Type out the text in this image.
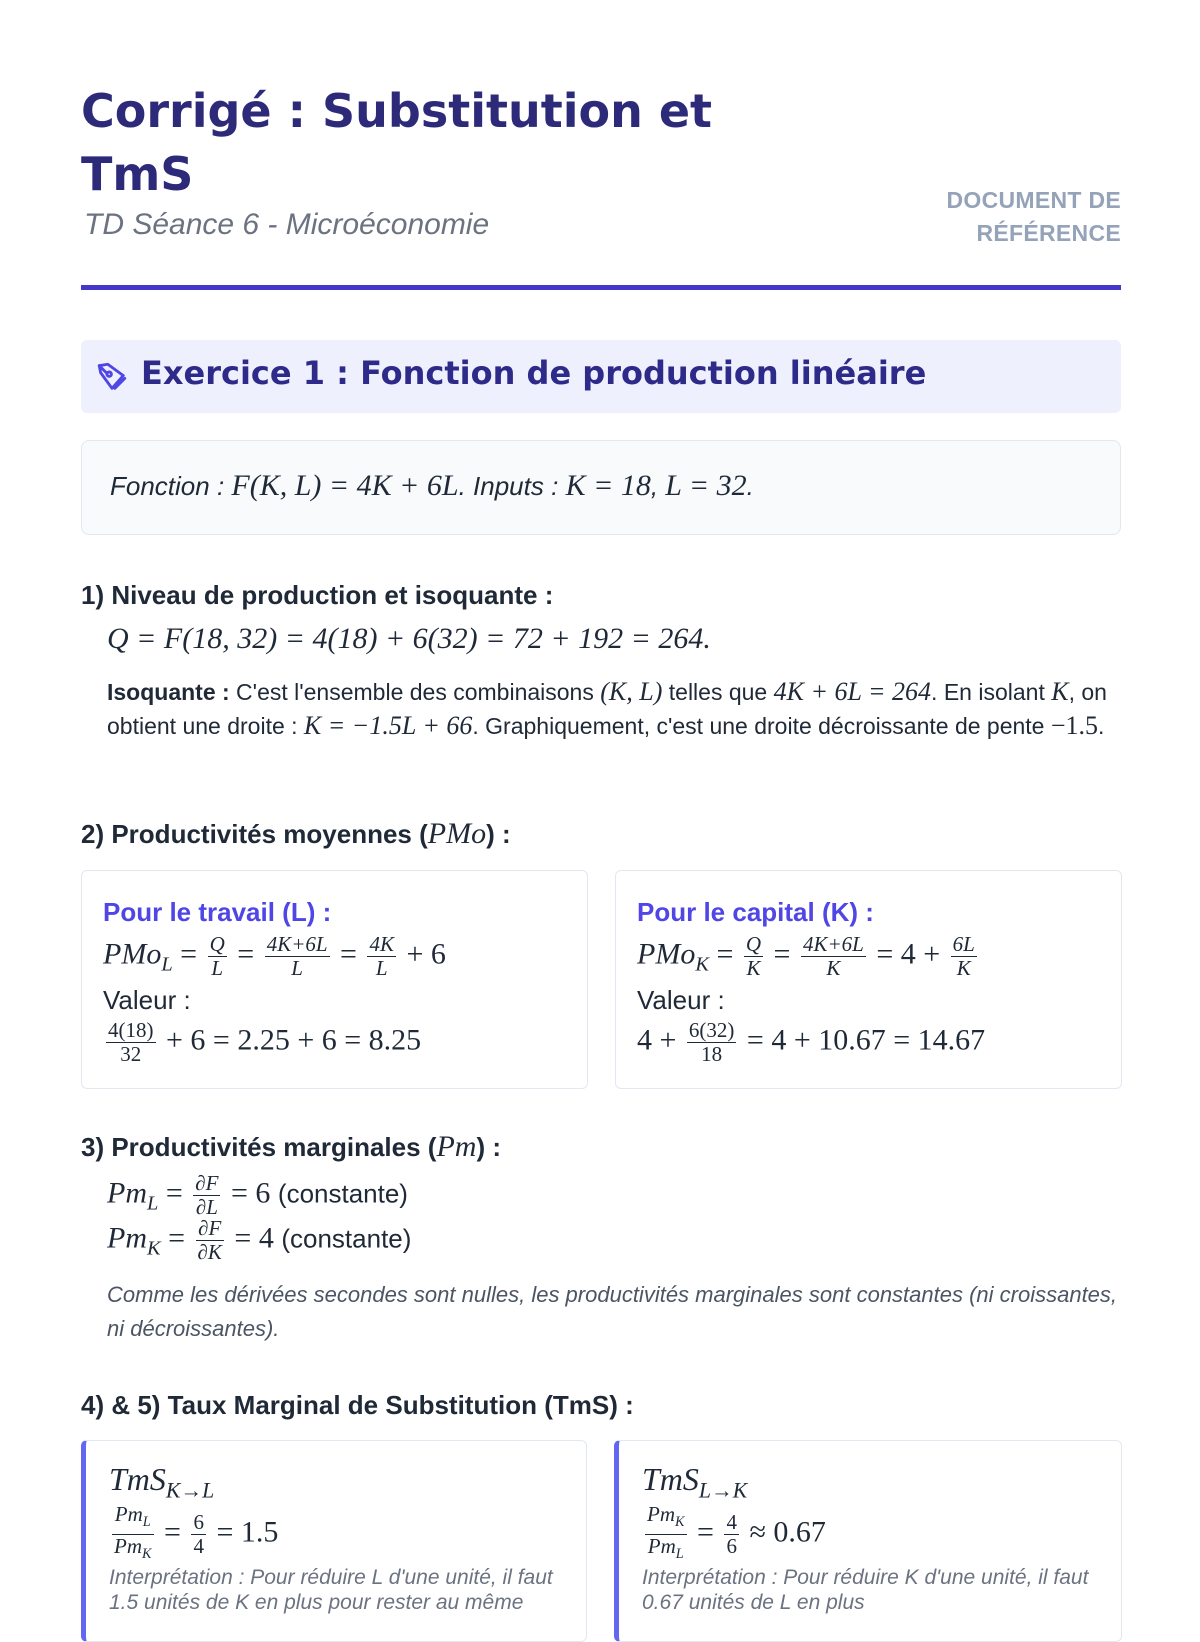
Corrigé : Substitution et TmS

TD Séance 6 - Microéconomie

DOCUMENT DE
RÉFÉRENCE
Exercice 1 : Fonction de production linéaire
Fonction : F(K, L) = 4K + 6L. Inputs : K = 18, L = 32.
1) Niveau de production et isoquante :
Q = F(18, 32) = 4(18) + 6(32) = 72 + 192 = 264.
Isoquante : C'est l'ensemble des combinaisons (K, L) telles que 4K + 6L = 264. En isolant K, on obtient une droite : K = −1.5L + 66. Graphiquement, c'est une droite décroissante de pente −1.5.
2) Productivités moyennes (PMo) :
Pour le travail (L) :
$PMo_L = \frac{Q}{L} = \frac{4K+6L}{L} = \frac{4K}{L} + 6$
Valeur :
$\frac{4(18)}{32} + 6 = 2.25 + 6 = 8.25$
Pour le capital (K) :
$PMo_K = \frac{Q}{K} = \frac{4K+6L}{K} = 4 + \frac{6L}{K}$
Valeur :
$4 + \frac{6(32)}{18} = 4 + 10.67 = 14.67$
3) Productivités marginales (Pm) :
$Pm_L = \frac{\partial F}{\partial L} = 6$ (constante)
$Pm_K = \frac{\partial F}{\partial K} = 4$ (constante)
Comme les dérivées secondes sont nulles, les productivités marginales sont constantes (ni croissantes, ni décroissantes).
4) & 5) Taux Marginal de Substitution (TmS) :
TmS$_{K\to L}$
$\frac{Pm_L}{Pm_K} = \frac{6}{4} = 1.5$
Interprétation : Pour réduire L d'une unité, il faut 1.5 unités de K en plus pour rester au même
TmS$_{L\to K}$
$\frac{Pm_K}{Pm_L} = \frac{4}{6} \approx 0.67$
Interprétation : Pour réduire K d'une unité, il faut 0.67 unités de L en plus
